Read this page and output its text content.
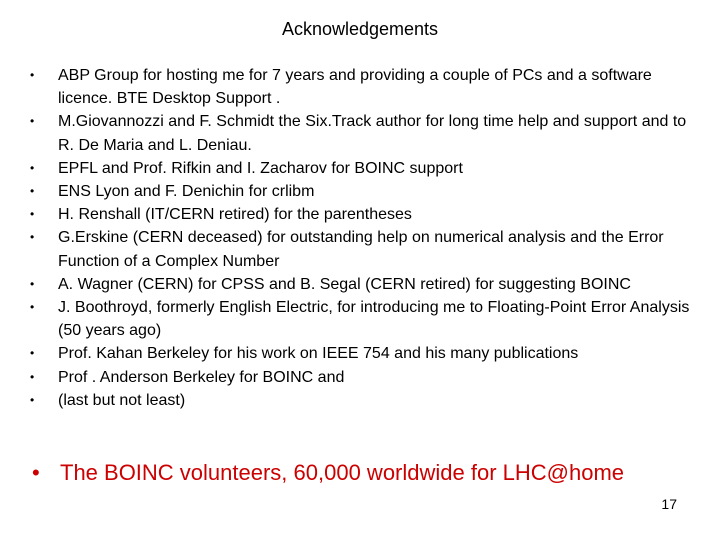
Acknowledgements
• ABP Group for hosting me for 7 years and providing a couple of PCs and a software licence. BTE Desktop Support .
• M.Giovannozzi and F. Schmidt the Six.Track author for long time help and support and to R. De Maria and L. Deniau.
• EPFL and Prof. Rifkin and I. Zacharov for BOINC support
• ENS Lyon and F. Denichin for crlibm
• H. Renshall (IT/CERN retired) for the parentheses
• G.Erskine (CERN deceased) for outstanding help on numerical analysis and the Error Function of a Complex Number
• A. Wagner (CERN) for CPSS and B. Segal (CERN retired) for suggesting BOINC
• J. Boothroyd, formerly English Electric, for introducing me to Floating-Point Error Analysis (50 years ago)
• Prof. Kahan Berkeley for his work on IEEE 754 and his many publications
• Prof . Anderson Berkeley for BOINC and
• (last but not least)
• The BOINC volunteers, 60,000 worldwide for LHC@home
17
